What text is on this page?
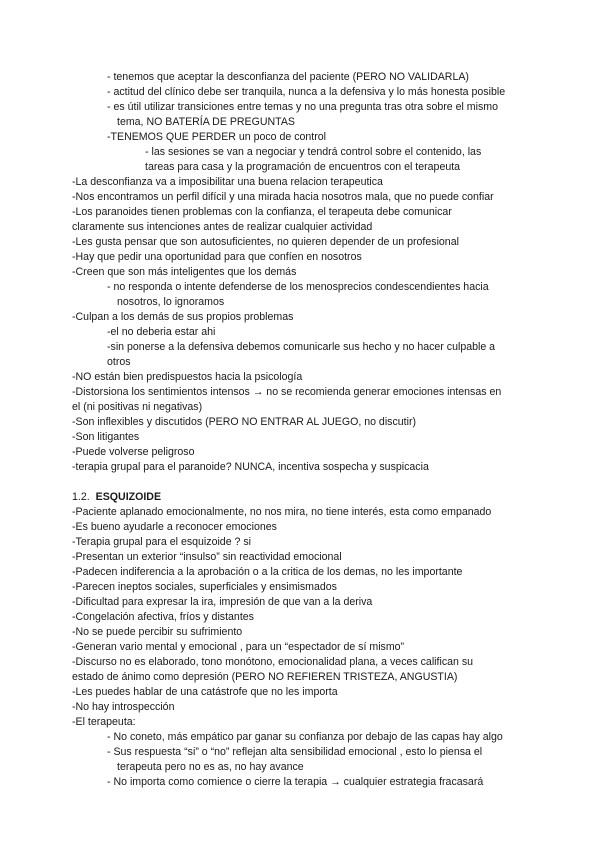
- tenemos que aceptar la desconfianza del paciente (PERO NO VALIDARLA)
- actitud del clínico debe ser tranquila, nunca a la defensiva y lo más honesta posible
- es útil utilizar transiciones entre temas y no una pregunta tras otra sobre el mismo
tema, NO BATERÍA DE PREGUNTAS
-TENEMOS QUE PERDER un poco de control
- las sesiones se van a negociar y tendrá control sobre el contenido, las
tareas para casa y la programación de encuentros con el terapeuta
-La desconfianza va a imposibilitar una buena relacion terapeutica
-Nos encontramos un perfil difícil y una mirada hacia nosotros mala, que no puede confiar
-Los paranoides tienen problemas con la confianza, el terapeuta debe comunicar
claramente sus intenciones antes de realizar cualquier actividad
-Les gusta pensar que son autosuficientes, no quieren depender de un profesional
-Hay que pedir una oportunidad para que confíen en nosotros
-Creen que son más inteligentes que los demás
- no responda o intente defenderse de los menosprecios condescendientes hacia
nosotros, lo ignoramos
-Culpan a los demás de sus propios problemas
-el no deberia estar ahi
-sin ponerse a la defensiva debemos comunicarle sus hecho y no hacer culpable a
otros
-NO están bien predispuestos hacia la psicología
-Distorsiona los sentimientos intensos → no se recomienda generar emociones intensas en
el (ni positivas ni negativas)
-Son inflexibles y discutidos (PERO NO ENTRAR AL JUEGO, no discutir)
-Son litigantes
-Puede volverse peligroso
-terapia grupal para el paranoide? NUNCA, incentiva sospecha y suspicacia
1.2. ESQUIZOIDE
-Paciente aplanado emocionalmente, no nos mira, no tiene interés, esta como empanado
-Es bueno ayudarle a reconocer emociones
-Terapia grupal para el esquizoide ? si
-Presentan un exterior “insulso” sin reactividad emocional
-Padecen indiferencia a la aprobación o a la critica de los demas, no les importante
-Parecen ineptos sociales, superficiales y ensimismados
-Dificultad para expresar la ira, impresión de que van a la deriva
-Congelación afectiva, fríos y distantes
-No se puede percibir su sufrimiento
-Generan vario mental y emocional , para un “espectador de sí mismo”
-Discurso no es elaborado, tono monótono, emocionalidad plana, a veces califican su
estado de ánimo como depresión (PERO NO REFIEREN TRISTEZA, ANGUSTIA)
-Les puedes hablar de una catástrofe que no les importa
-No hay introspección
-El terapeuta:
- No coneto, más empático par ganar su confianza por debajo de las capas hay algo
- Sus respuesta “si” o “no” reflejan alta sensibilidad emocional , esto lo piensa el
terapeuta pero no es as, no hay avance
- No importa como comience o cierre la terapia → cualquier estrategia fracasará
